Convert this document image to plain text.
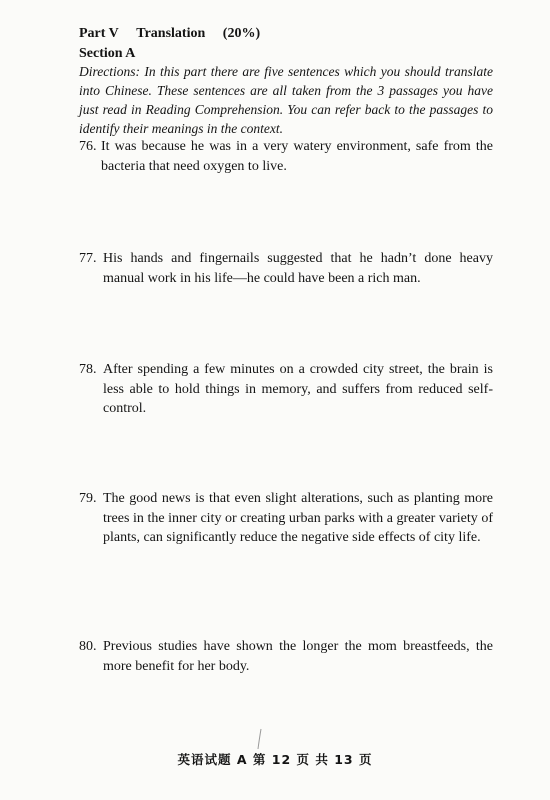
Part V Translation (20%)
Section A
Directions: In this part there are five sentences which you should translate into Chinese. These sentences are all taken from the 3 passages you have just read in Reading Comprehension. You can refer back to the passages to identify their meanings in the context.
76. It was because he was in a very watery environment, safe from the bacteria that need oxygen to live.
77. His hands and fingernails suggested that he hadn’t done heavy manual work in his life—he could have been a rich man.
78. After spending a few minutes on a crowded city street, the brain is less able to hold things in memory, and suffers from reduced self-control.
79. The good news is that even slight alterations, such as planting more trees in the inner city or creating urban parks with a greater variety of plants, can significantly reduce the negative side effects of city life.
80. Previous studies have shown the longer the mom breastfeeds, the more benefit for her body.
英语试题 A 第 12 页 共 13 页
